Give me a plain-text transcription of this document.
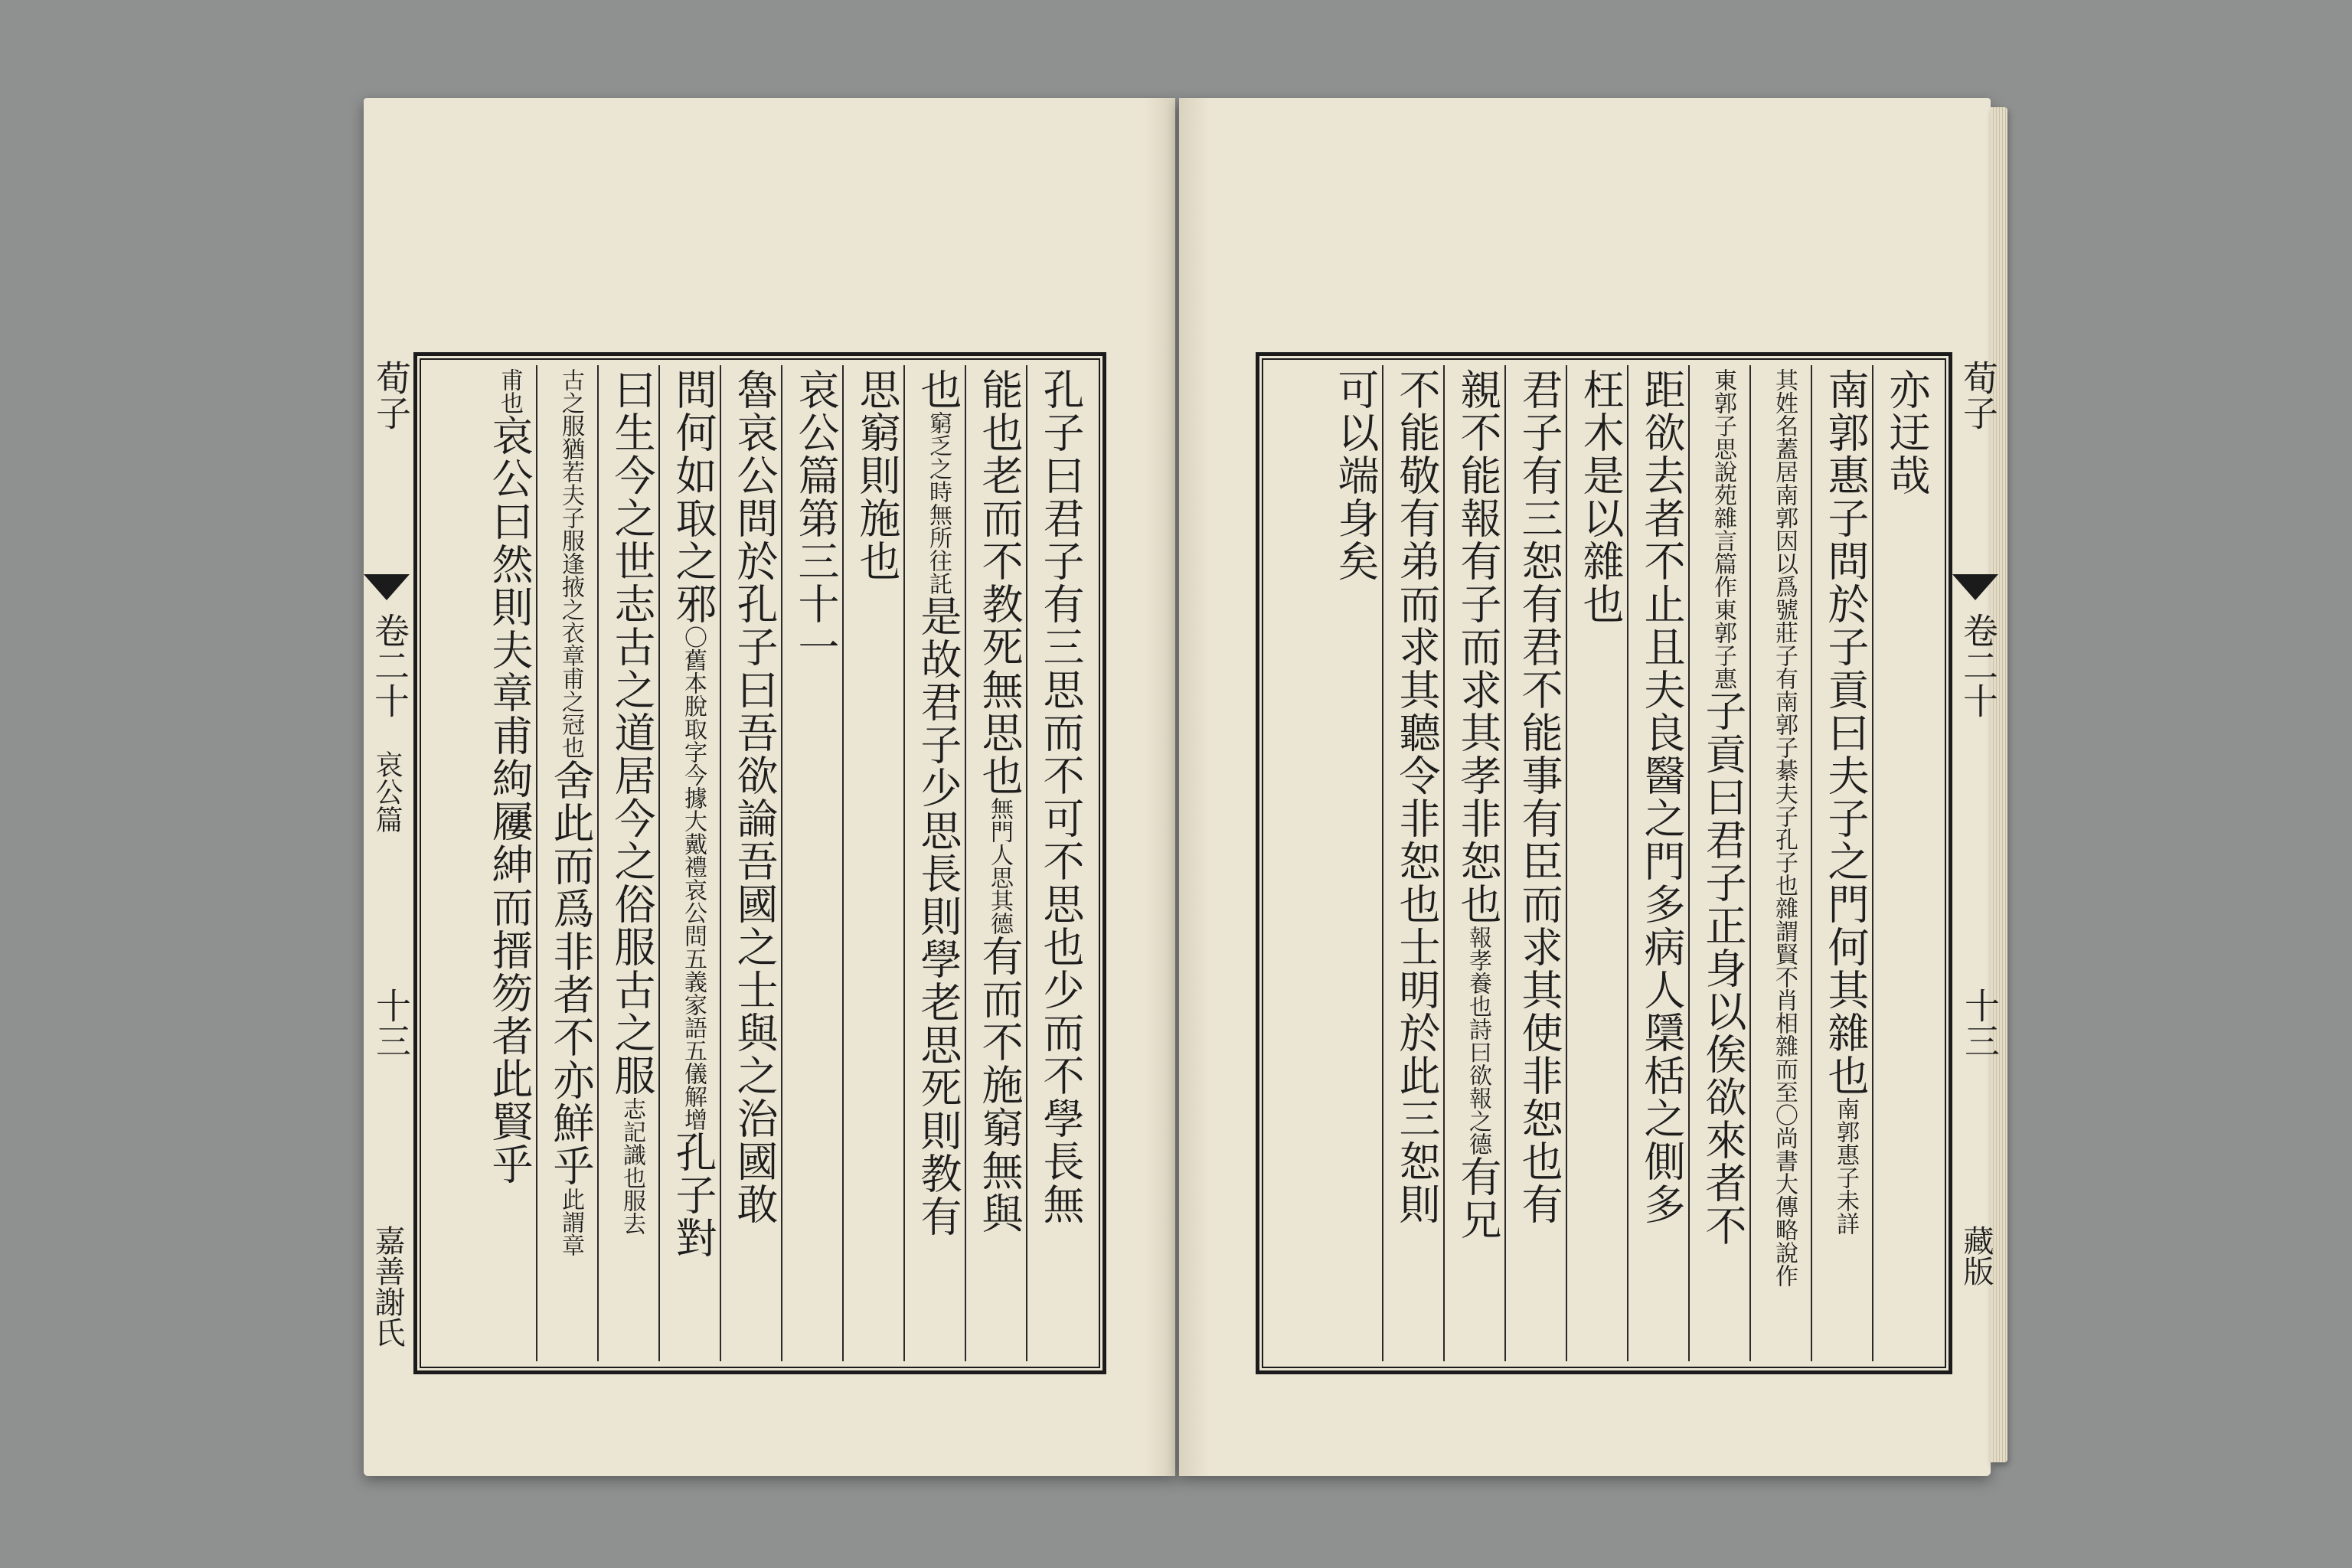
荀子
卷二十
哀公篇
十三
嘉善謝氏
荀子
卷二十
十三
藏版
孔子曰君子有三思而不可不思也少而不學長無
能也老而不教死無思也無門人思其德有而不施窮無與
也窮乏之時無所往託是故君子少思長則學老思死則教有
思窮則施也
哀公篇第三十一
魯哀公問於孔子曰吾欲論吾國之士與之治國敢
問何如取之邪〇舊本脫取字今據大戴禮哀公問五義家語五儀解增孔子對
曰生今之世志古之道居今之俗服古之服志記識也服去
古之服猶若夫子服逢掖之衣章甫之冠也舍此而爲非者不亦鮮乎此謂章
甫也哀公曰然則夫章甫絇屨紳而搢笏者此賢乎	亦迂哉
南郭惠子問於子貢曰夫子之門何其雜也南郭惠子未詳
其姓名蓋居南郭因以爲號莊子有南郭子綦夫子孔子也雜謂賢不肖相雜而至〇尚書大傳略說作
東郭子思說苑雜言篇作東郭子惠子貢曰君子正身以俟欲來者不
距欲去者不止且夫良醫之門多病人檃栝之側多
枉木是以雜也
君子有三恕有君不能事有臣而求其使非恕也有
親不能報有子而求其孝非恕也報孝養也詩曰欲報之德有兄
不能敬有弟而求其聽令非恕也士明於此三恕則
可以端身矣
